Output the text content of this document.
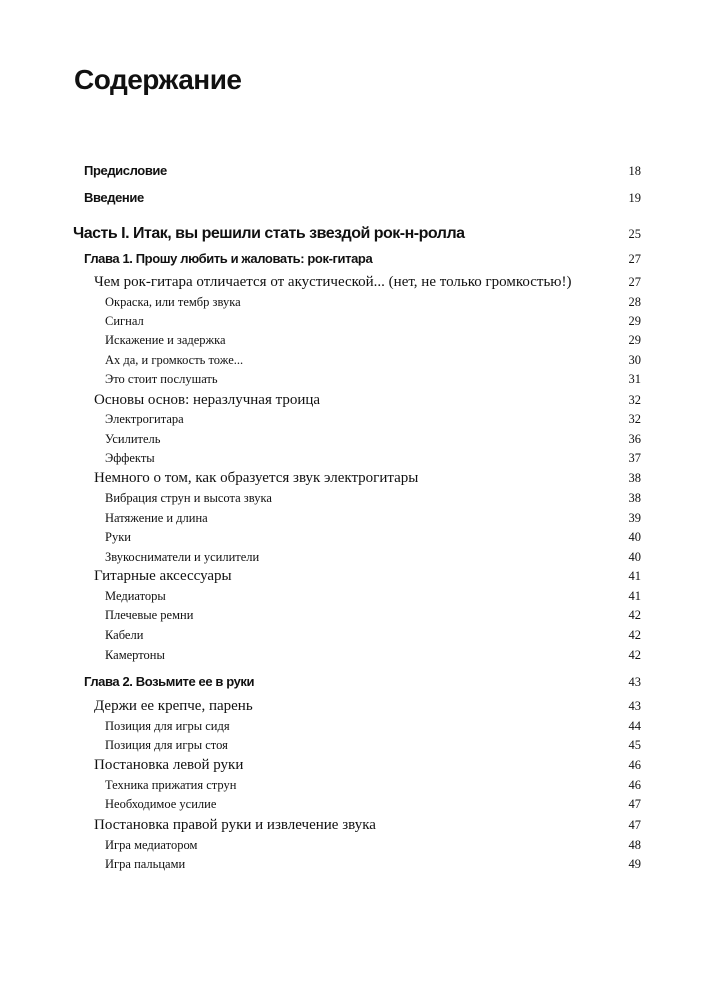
Содержание
Предисловие	18
Введение	19
Часть I. Итак, вы решили стать звездой рок-н-ролла	25
Глава 1. Прошу любить и жаловать: рок-гитара	27
Чем рок-гитара отличается от акустической... (нет, не только громкостью!)	27
Окраска, или тембр звука	28
Сигнал	29
Искажение и задержка	29
Ах да, и громкость тоже...	30
Это стоит послушать	31
Основы основ: неразлучная троица	32
Электрогитара	32
Усилитель	36
Эффекты	37
Немного о том, как образуется звук электрогитары	38
Вибрация струн и высота звука	38
Натяжение и длина	39
Руки	40
Звукосниматели и усилители	40
Гитарные аксессуары	41
Медиаторы	41
Плечевые ремни	42
Кабели	42
Камертоны	42
Глава 2. Возьмите ее в руки	43
Держи ее крепче, парень	43
Позиция для игры сидя	44
Позиция для игры стоя	45
Постановка левой руки	46
Техника прижатия струн	46
Необходимое усилие	47
Постановка правой руки и извлечение звука	47
Игра медиатором	48
Игра пальцами	49
